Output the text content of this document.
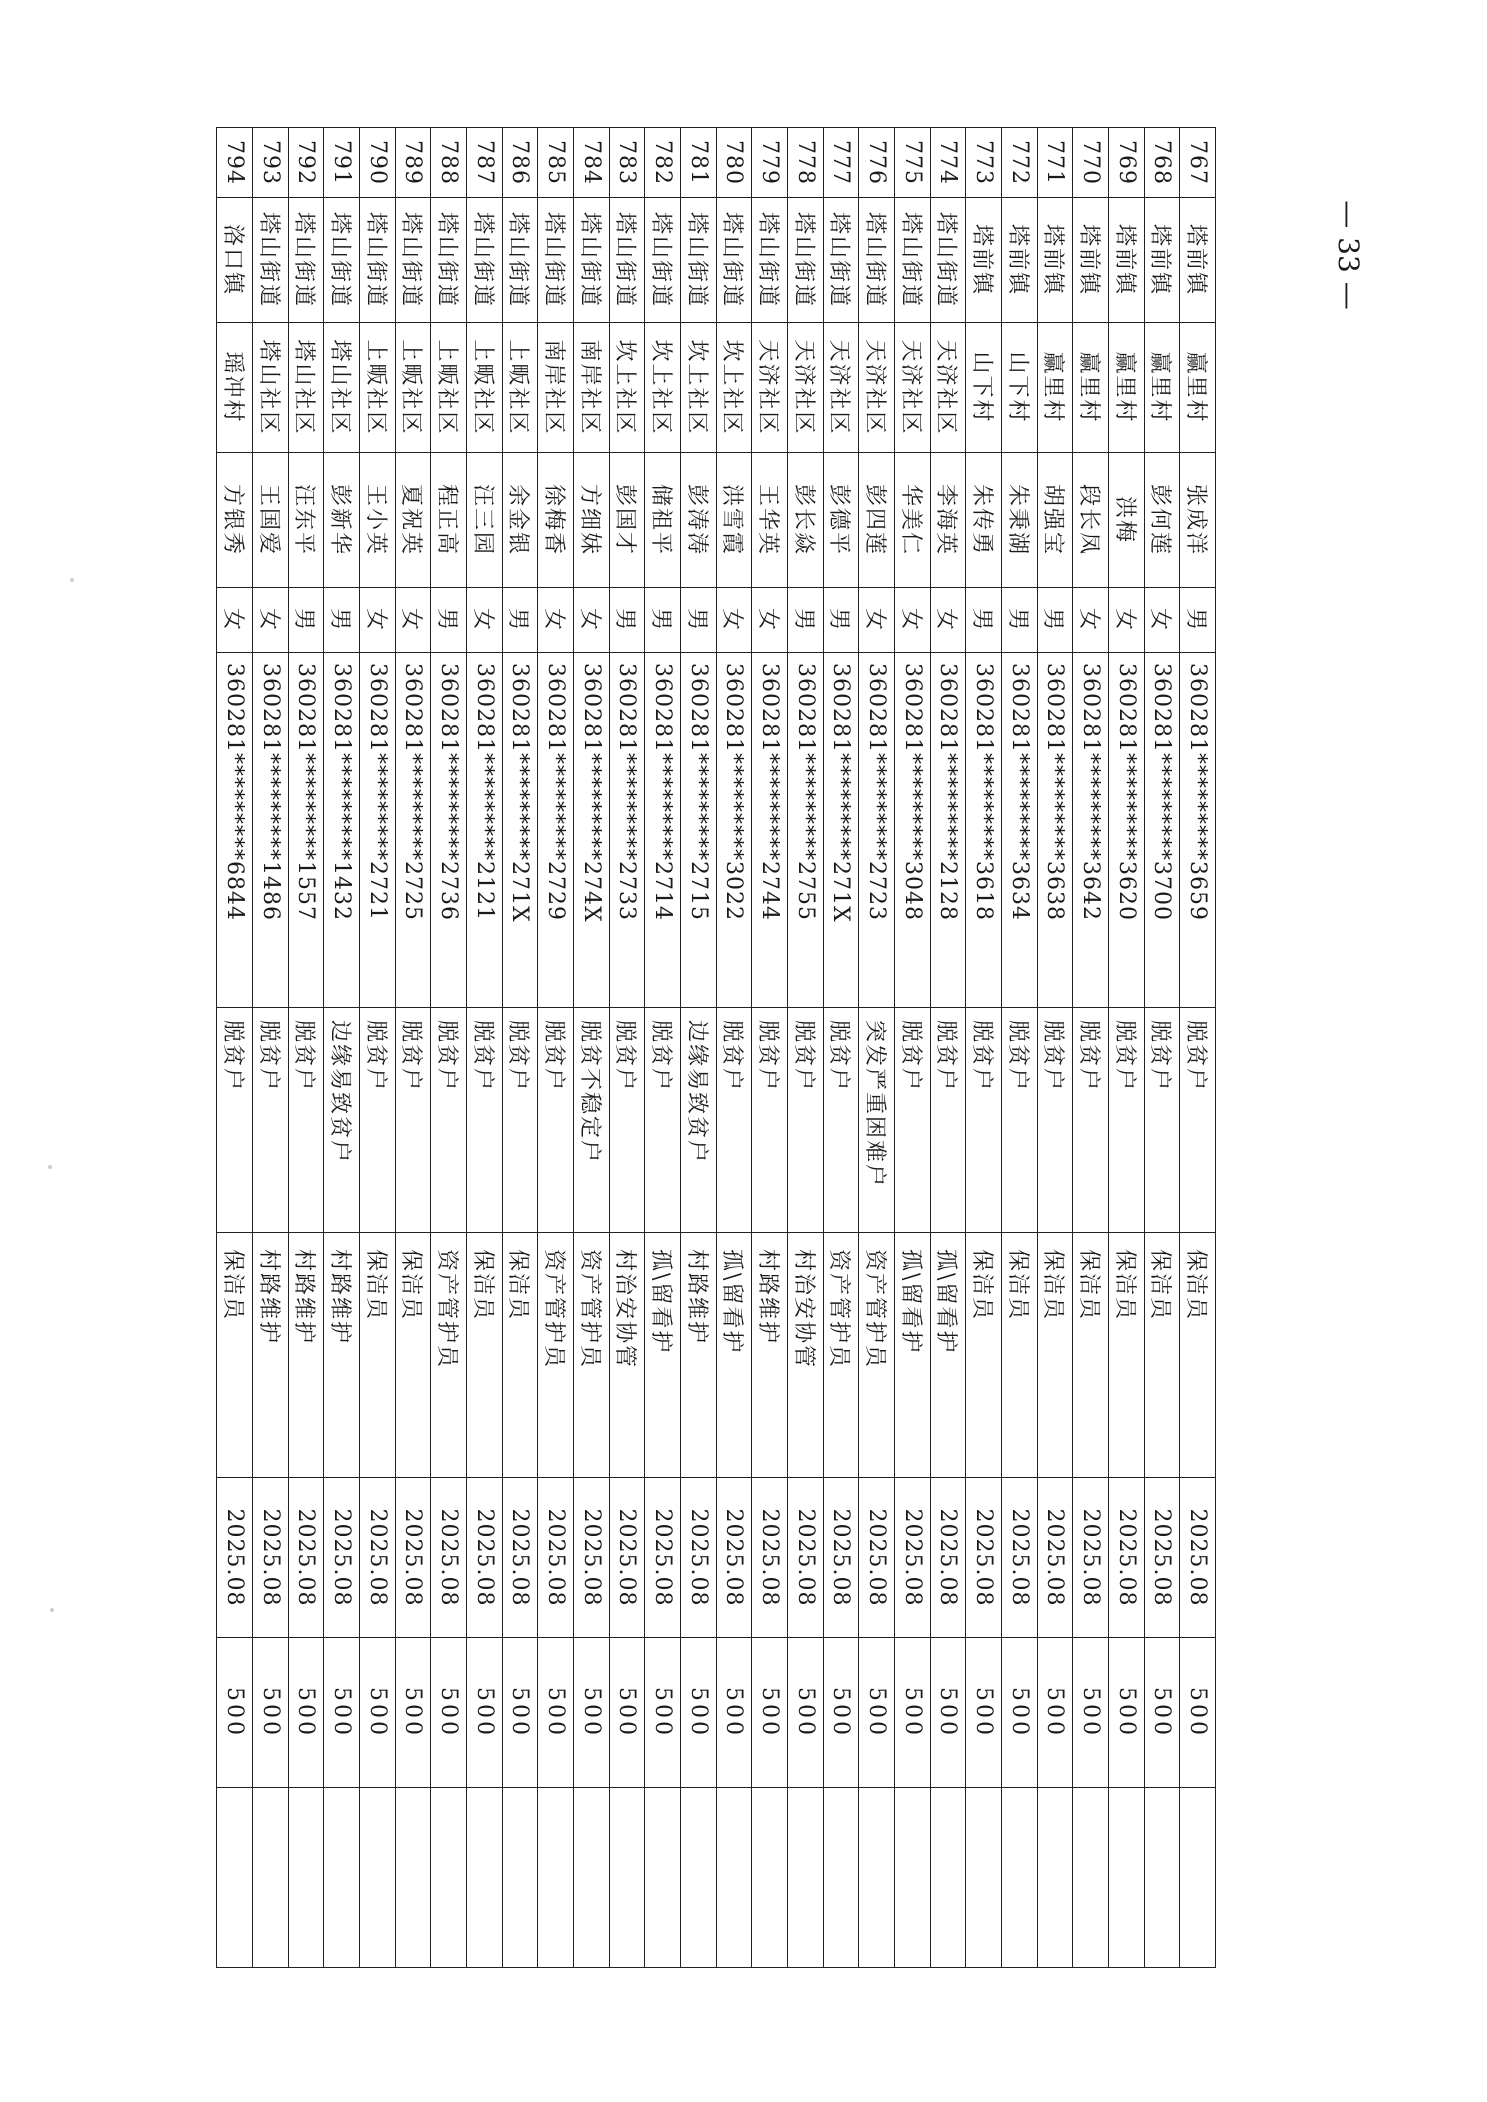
767	塔前镇	赢里村	张成洋	男	360281*********3659	脱贫户	保洁员	2025.08	500	
768	塔前镇	赢里村	彭何莲	女	360281*********3700	脱贫户	保洁员	2025.08	500	
769	塔前镇	赢里村	洪梅	女	360281*********3620	脱贫户	保洁员	2025.08	500	
770	塔前镇	赢里村	段长凤	女	360281*********3642	脱贫户	保洁员	2025.08	500	
771	塔前镇	赢里村	胡强宝	男	360281*********3638	脱贫户	保洁员	2025.08	500	
772	塔前镇	山下村	朱秉湖	男	360281*********3634	脱贫户	保洁员	2025.08	500	
773	塔前镇	山下村	朱传勇	男	360281*********3618	脱贫户	保洁员	2025.08	500	
774	塔山街道	天济社区	李海英	女	360281*********2128	脱贫户	孤\留看护	2025.08	500	
775	塔山街道	天济社区	华美仁	女	360281*********3048	脱贫户	孤\留看护	2025.08	500	
776	塔山街道	天济社区	彭四莲	女	360281*********2723	突发严重困难户	资产管护员	2025.08	500	
777	塔山街道	天济社区	彭德平	男	360281*********271X	脱贫户	资产管护员	2025.08	500	
778	塔山街道	天济社区	彭长焱	男	360281*********2755	脱贫户	村治安协管	2025.08	500	
779	塔山街道	天济社区	王华英	女	360281*********2744	脱贫户	村路维护	2025.08	500	
780	塔山街道	坎上社区	洪雪霞	女	360281*********3022	脱贫户	孤\留看护	2025.08	500	
781	塔山街道	坎上社区	彭涛涛	男	360281*********2715	边缘易致贫户	村路维护	2025.08	500	
782	塔山街道	坎上社区	储祖平	男	360281*********2714	脱贫户	孤\留看护	2025.08	500	
783	塔山街道	坎上社区	彭国才	男	360281*********2733	脱贫户	村治安协管	2025.08	500	
784	塔山街道	南岸社区	方细妹	女	360281*********274X	脱贫不稳定户	资产管护员	2025.08	500	
785	塔山街道	南岸社区	徐梅香	女	360281*********2729	脱贫户	资产管护员	2025.08	500	
786	塔山街道	上畈社区	余金银	男	360281*********271X	脱贫户	保洁员	2025.08	500	
787	塔山街道	上畈社区	汪三园	女	360281*********2121	脱贫户	保洁员	2025.08	500	
788	塔山街道	上畈社区	程正高	男	360281*********2736	脱贫户	资产管护员	2025.08	500	
789	塔山街道	上畈社区	夏祝英	女	360281*********2725	脱贫户	保洁员	2025.08	500	
790	塔山街道	上畈社区	王小英	女	360281*********2721	脱贫户	保洁员	2025.08	500	
791	塔山街道	塔山社区	彭新华	男	360281*********1432	边缘易致贫户	村路维护	2025.08	500	
792	塔山街道	塔山社区	汪东平	男	360281*********1557	脱贫户	村路维护	2025.08	500	
793	塔山街道	塔山社区	王国爱	女	360281*********1486	脱贫户	村路维护	2025.08	500	
794	洛口镇	瑶冲村	方银秀	女	360281*********6844	脱贫户	保洁员	2025.08	500	
— 33 —
